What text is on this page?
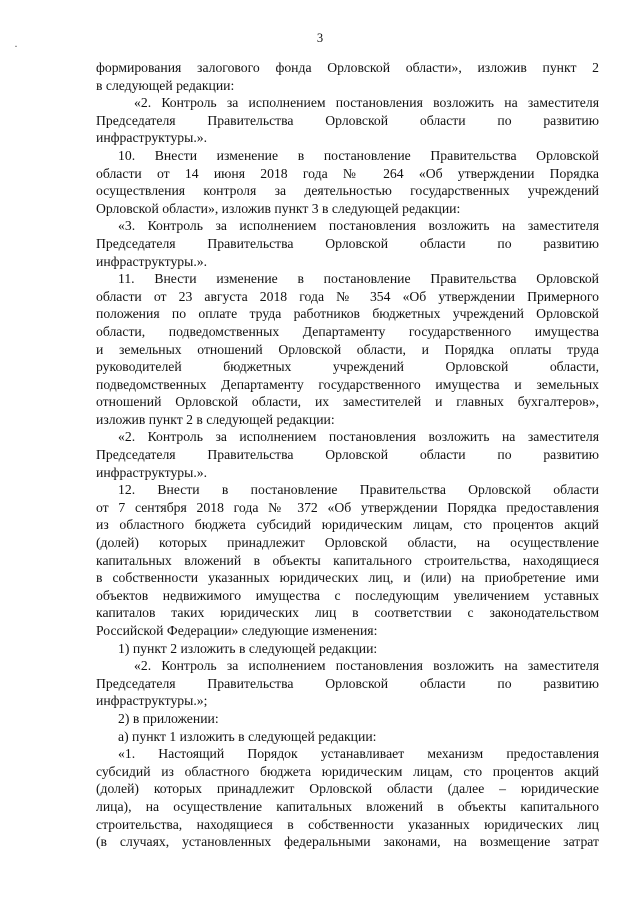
·
3

формирования залогового фонда Орловской области», изложив пункт 2

в следующей редакции:

«2. Контроль за исполнением постановления возложить на заместителя

Председателя Правительства Орловской области по развитию

инфраструктуры.».

10. Внести изменение в постановление Правительства Орловской

области от 14 июня 2018 года № 264 «Об утверждении Порядка

осуществления контроля за деятельностью государственных учреждений

Орловской области», изложив пункт 3 в следующей редакции:

«3. Контроль за исполнением постановления возложить на заместителя

Председателя Правительства Орловской области по развитию

инфраструктуры.».

11. Внести изменение в постановление Правительства Орловской

области от 23 августа 2018 года № 354 «Об утверждении Примерного

положения по оплате труда работников бюджетных учреждений Орловской

области, подведомственных Департаменту государственного имущества

и земельных отношений Орловской области, и Порядка оплаты труда

руководителей бюджетных учреждений Орловской области,

подведомственных Департаменту государственного имущества и земельных

отношений Орловской области, их заместителей и главных бухгалтеров»,

изложив пункт 2 в следующей редакции:

«2. Контроль за исполнением постановления возложить на заместителя

Председателя Правительства Орловской области по развитию

инфраструктуры.».

12. Внести в постановление Правительства Орловской области

от 7 сентября 2018 года № 372 «Об утверждении Порядка предоставления

из областного бюджета субсидий юридическим лицам, сто процентов акций

(долей) которых принадлежит Орловской области, на осуществление

капитальных вложений в объекты капитального строительства, находящиеся

в собственности указанных юридических лиц, и (или) на приобретение ими

объектов недвижимого имущества с последующим увеличением уставных

капиталов таких юридических лиц в соответствии с законодательством

Российской Федерации» следующие изменения:

1) пункт 2 изложить в следующей редакции:

«2. Контроль за исполнением постановления возложить на заместителя

Председателя Правительства Орловской области по развитию

инфраструктуры.»;

2) в приложении:

а) пункт 1 изложить в следующей редакции:

«1. Настоящий Порядок устанавливает механизм предоставления

субсидий из областного бюджета юридическим лицам, сто процентов акций

(долей) которых принадлежит Орловской области (далее – юридические

лица), на осуществление капитальных вложений в объекты капитального

строительства, находящиеся в собственности указанных юридических лиц

(в случаях, установленных федеральными законами, на возмещение затрат
